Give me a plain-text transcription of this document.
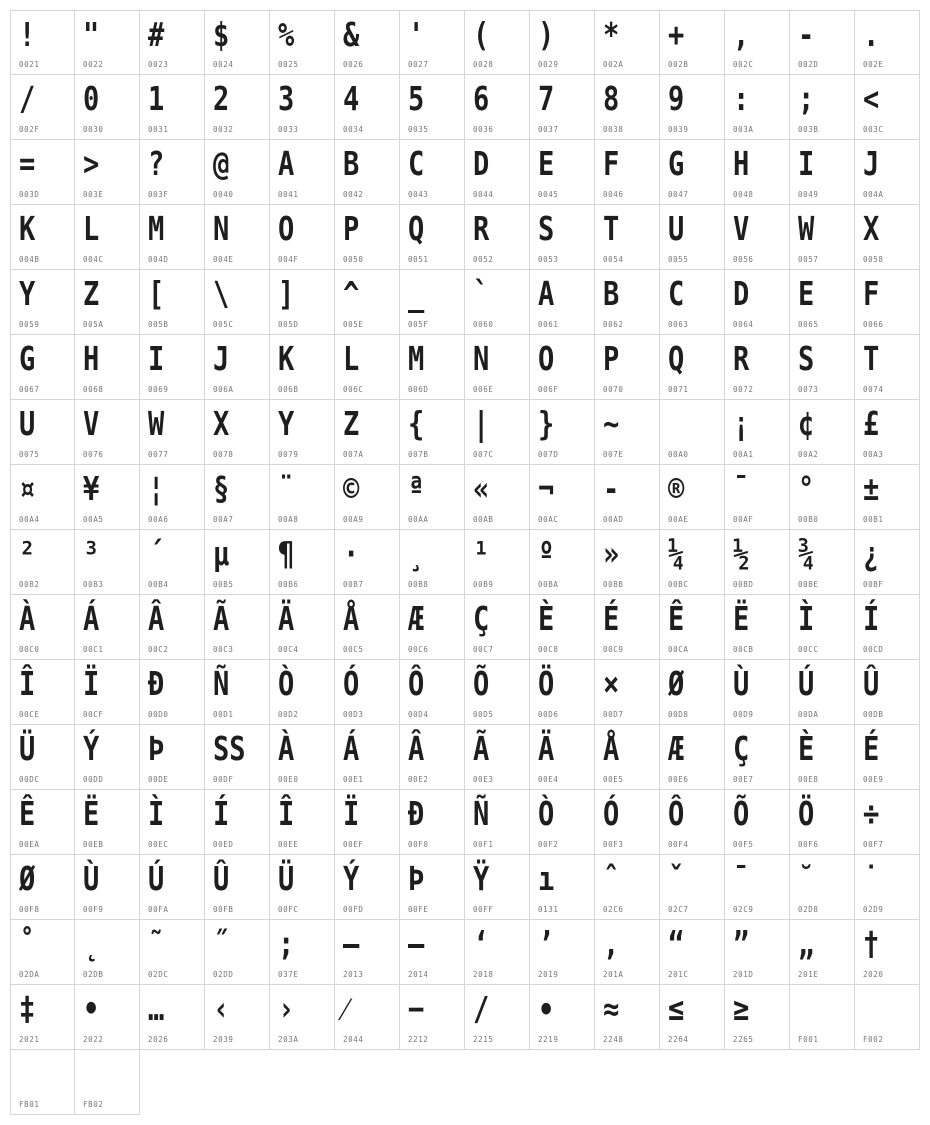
!
0021
"
0022
#
0023
$
0024
%
0025
&
0026
'
0027
(
0028
)
0029
*
002A
+
002B
,
002C
-
002D
.
002E
/
002F
0
0030
1
0031
2
0032
3
0033
4
0034
5
0035
6
0036
7
0037
8
0038
9
0039
:
003A
;
003B
<
003C
=
003D
>
003E
?
003F
@
0040
A
0041
B
0042
C
0043
D
0044
E
0045
F
0046
G
0047
H
0048
I
0049
J
004A
K
004B
L
004C
M
004D
N
004E
O
004F
P
0050
Q
0051
R
0052
S
0053
T
0054
U
0055
V
0056
W
0057
X
0058
Y
0059
Z
005A
[
005B
\
005C
]
005D
^
005E
_
005F
`
0060
A
0061
B
0062
C
0063
D
0064
E
0065
F
0066
G
0067
H
0068
I
0069
J
006A
K
006B
L
006C
M
006D
N
006E
O
006F
P
0070
Q
0071
R
0072
S
0073
T
0074
U
0075
V
0076
W
0077
X
0078
Y
0079
Z
007A
{
007B
|
007C
}
007D
~
007E	00A0
¡
00A1
¢
00A2
£
00A3
¤
00A4
¥
00A5
¦
00A6
§
00A7
¨
00A8
©
00A9
ª
00AA
«
00AB
¬
00AC
-
00AD
®
00AE
¯
00AF
°
00B0
±
00B1
²
00B2
³
00B3
´
00B4
µ
00B5
¶
00B6
·
00B7
¸
00B8
¹
00B9
º
00BA
»
00BB
¼
00BC
½
00BD
¾
00BE
¿
00BF
À
00C0
Á
00C1
Â
00C2
Ã
00C3
Ä
00C4
Å
00C5
Æ
00C6
Ç
00C7
È
00C8
É
00C9
Ê
00CA
Ë
00CB
Ì
00CC
Í
00CD
Î
00CE
Ï
00CF
Ð
00D0
Ñ
00D1
Ò
00D2
Ó
00D3
Ô
00D4
Õ
00D5
Ö
00D6
×
00D7
Ø
00D8
Ù
00D9
Ú
00DA
Û
00DB
Ü
00DC
Ý
00DD
Þ
00DE
SS
00DF
À
00E0
Á
00E1
Â
00E2
Ã
00E3
Ä
00E4
Å
00E5
Æ
00E6
Ç
00E7
È
00E8
É
00E9
Ê
00EA
Ë
00EB
Ì
00EC
Í
00ED
Î
00EE
Ï
00EF
Ð
00F0
Ñ
00F1
Ò
00F2
Ó
00F3
Ô
00F4
Õ
00F5
Ö
00F6
÷
00F7
Ø
00F8
Ù
00F9
Ú
00FA
Û
00FB
Ü
00FC
Ý
00FD
Þ
00FE
Ÿ
00FF
ı
0131
ˆ
02C6
ˇ
02C7
ˉ
02C9
˘
02D8
˙
02D9
˚
02DA
˛
02DB
˜
02DC
˝
02DD
;
037E
–
2013
—
2014
‘
2018
’
2019
‚
201A
“
201C
”
201D
„
201E
†
2020
‡
2021
•
2022
…
2026
‹
2039
›
203A
⁄
2044
−
2212
∕
2215
∙
2219
≈
2248
≤
2264
≥
2265	F001	F002
FB01	FB02
